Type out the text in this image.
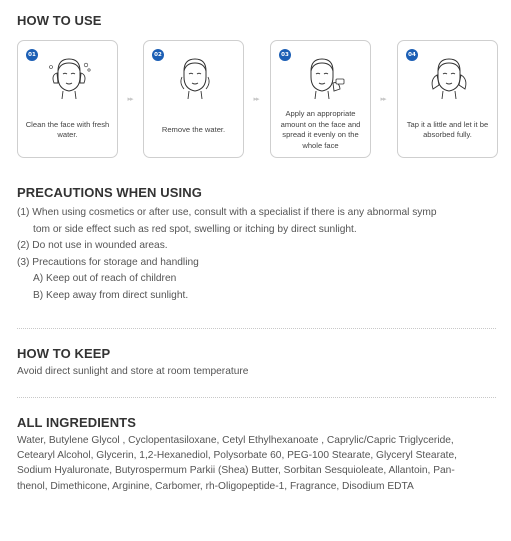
HOW TO USE
01
Clean the face with fresh water.
▸▸
02
Remove the water.
▸▸
03
Apply an appropriate amount on the face and spread it evenly on the whole face
▸▸
04
Tap it a little and let it be absorbed fully.
PRECAUTIONS WHEN USING
(1) When using cosmetics or after use, consult with a specialist if there is any abnormal symp
tom or side effect such as red spot, swelling or itching by direct sunlight.
(2) Do not use in wounded areas.
(3) Precautions for storage and handling
A) Keep out of reach of children
B) Keep away from direct sunlight.
HOW TO KEEP
Avoid direct sunlight and store at room temperature
ALL INGREDIENTS
Water, Butylene Glycol , Cyclopentasiloxane, Cetyl Ethylhexanoate , Caprylic/Capric Triglyceride,
Cetearyl Alcohol, Glycerin, 1,2-Hexanediol, Polysorbate 60, PEG-100 Stearate, Glyceryl Stearate,
Sodium Hyaluronate, Butyrospermum Parkii (Shea) Butter, Sorbitan Sesquioleate, Allantoin, Pan-
thenol, Dimethicone, Arginine, Carbomer, rh-Oligopeptide-1, Fragrance, Disodium EDTA
